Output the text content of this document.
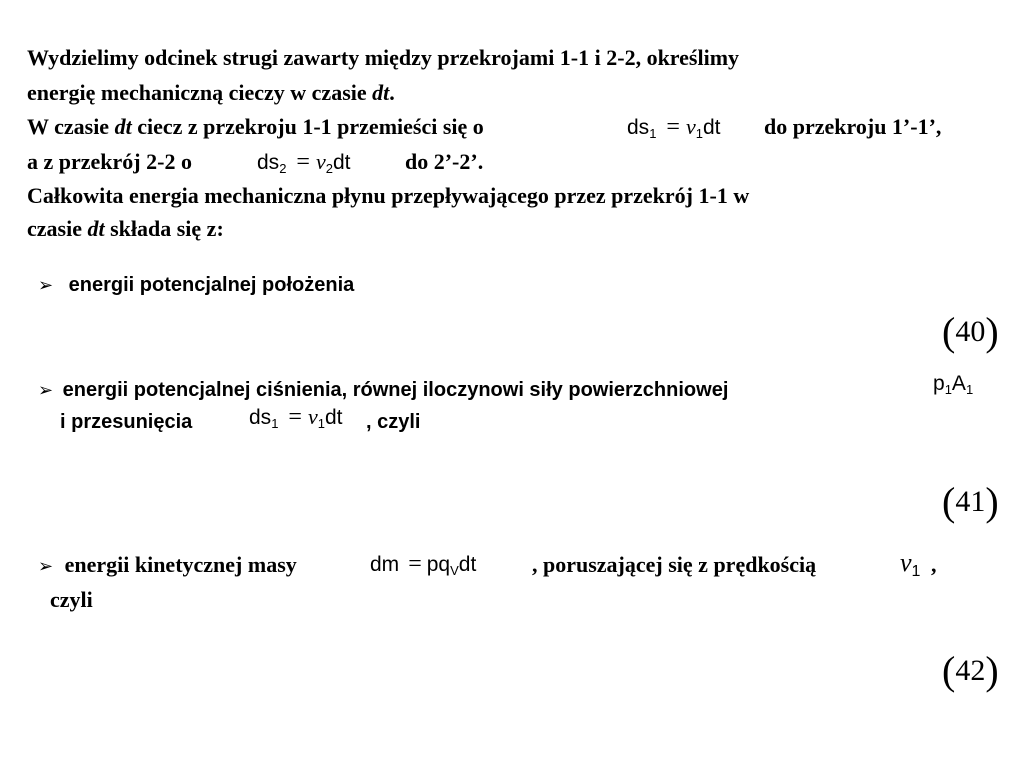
Wydzielimy odcinek strugi zawarty między przekrojami 1-1 i 2-2, określimy
energię mechaniczną cieczy w czasie dt.
W czasie dt ciecz z przekroju 1-1 przemieści się o	$ds_1 = \nu_1dt$ do przekroju 1’-1’,
a z przekrój 2-2 o	$ds_2 = \nu_2dt$ do 2’-2’.
Całkowita energia mechaniczna płynu przepływającego przez przekrój 1-1 w
czasie dt składa się z:
➢ energii potencjalnej położenia
(40)
➢ energii potencjalnej ciśnienia, równej iloczynowi siły powierzchniowej	$p_1A_1$
i przesunięcia	$ds_1 = \nu_1dt$ , czyli
(41)
➢ energii kinetycznej masy	dm = $pq_Vdt$	, poruszającej się z prędkością	ν1 ,
czyli
(42)
